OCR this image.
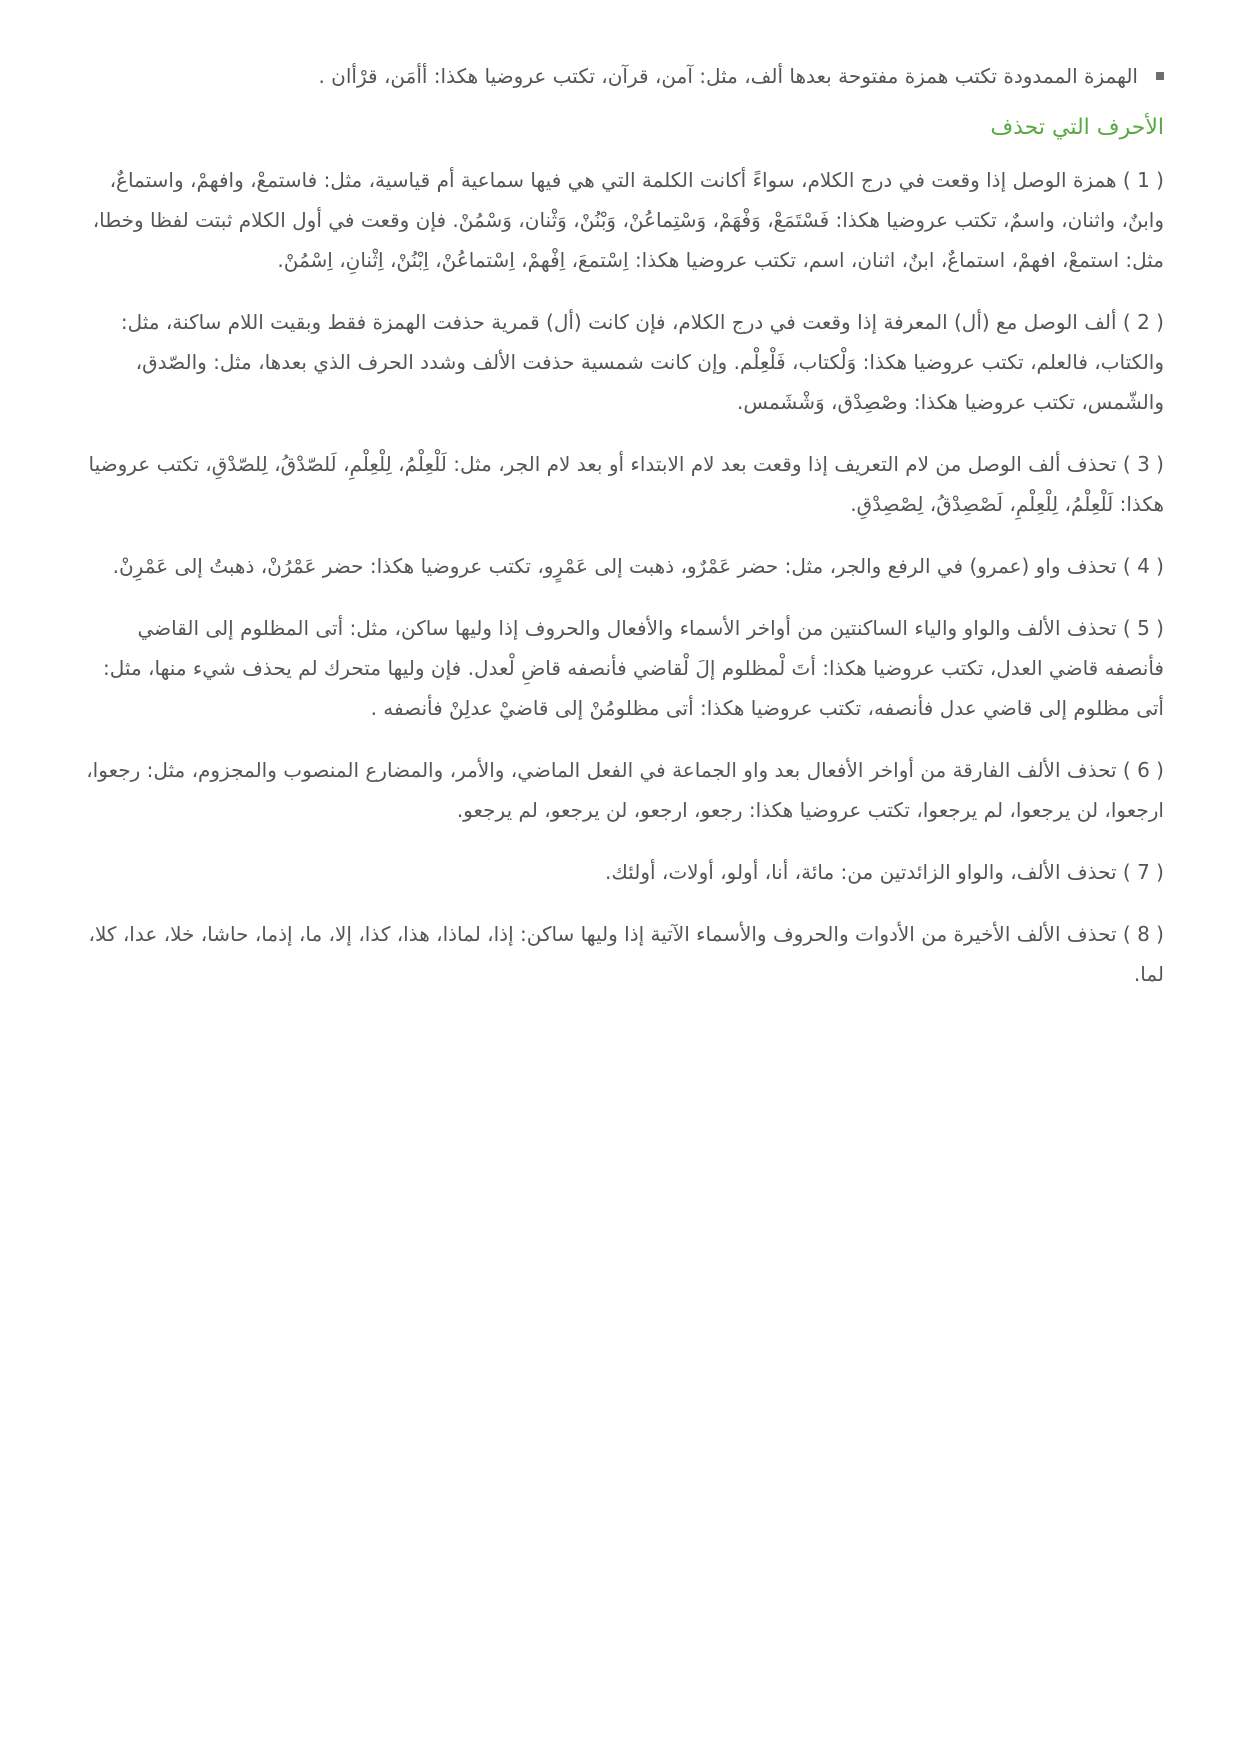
الهمزة الممدودة تكتب همزة مفتوحة بعدها ألف، مثل: آمن، قرآن، تكتب عروضيا هكذا: أأمَن، قرْأان .
الأحرف التي تحذف

( 1 ) همزة الوصل إذا وقعت في درج الكلام، سواءً أكانت الكلمة التي هي فيها سماعية أم قياسية، مثل: فاستمعْ، وافهمْ، واستماعٌ، وابنٌ، واثنان، واسمٌ، تكتب عروضيا هكذا: فَسْتَمَعْ، وَفْهَمْ، وَسْتِماعُنْ، وَبْنُنْ، وَثْنان، وَسْمُنْ. فإن وقعت في أول الكلام ثبتت لفظا وخطا، مثل: استمعْ، افهمْ، استماعٌ، ابنٌ، اثنان، اسم، تكتب عروضيا هكذا: اِسْتمعَ، اِفْهمْ، اِسْتماعُنْ، اِبْنُنْ، اِثْنانِ، اِسْمُنْ.

( 2 ) ألف الوصل مع (أل) المعرفة إذا وقعت في درج الكلام، فإن كانت (أل) قمرية حذفت الهمزة فقط وبقيت اللام ساكنة، مثل: والكتاب، فالعلم، تكتب عروضيا هكذا: وَلْكتاب، فَلْعِلْم. وإن كانت شمسية حذفت الألف وشدد الحرف الذي بعدها، مثل: والصّدق، والشّمس، تكتب عروضيا هكذا: وصْصِدْق، وَشْشَمس.

( 3 ) تحذف ألف الوصل من لام التعريف إذا وقعت بعد لام الابتداء أو بعد لام الجر، مثل: لَلْعِلْمُ، لِلْعِلْمِ، لَلصّدْقُ، لِلصّدْقِ، تكتب عروضيا هكذا: لَلْعِلْمُ، لِلْعِلْمِ، لَصْصِدْقُ، لِصْصِدْقِ.

( 4 ) تحذف واو (عمرو) في الرفع والجر، مثل: حضر عَمْرٌو، ذهبت إلى عَمْرٍو، تكتب عروضيا هكذا: حضر عَمْرُنْ، ذهبتُ إلى عَمْرِنْ.

( 5 ) تحذف الألف والواو والياء الساكنتين من أواخر الأسماء والأفعال والحروف إذا وليها ساكن، مثل: أتى المظلوم إلى القاضي فأنصفه قاضي العدل، تكتب عروضيا هكذا: أتَ لْمظلوم إلَ لْقاضي فأنصفه قاضِ لْعدل. فإن وليها متحرك لم يحذف شيء منها، مثل: أتى مظلوم إلى قاضي عدل فأنصفه، تكتب عروضيا هكذا: أتى مظلومُنْ إلى قاضيْ عدلِنْ فأنصفه .

( 6 ) تحذف الألف الفارقة من أواخر الأفعال بعد واو الجماعة في الفعل الماضي، والأمر، والمضارع المنصوب والمجزوم، مثل: رجعوا، ارجعوا، لن يرجعوا، لم يرجعوا، تكتب عروضيا هكذا: رجعو، ارجعو، لن يرجعو، لم يرجعو.

( 7 ) تحذف الألف، والواو الزائدتين من: مائة، أنا، أولو، أولات، أولئك.

( 8 ) تحذف الألف الأخيرة من الأدوات والحروف والأسماء الآتية إذا وليها ساكن: إذا، لماذا، هذا، كذا، إلا، ما، إذما، حاشا، خلا، عدا، كلا، لما.
